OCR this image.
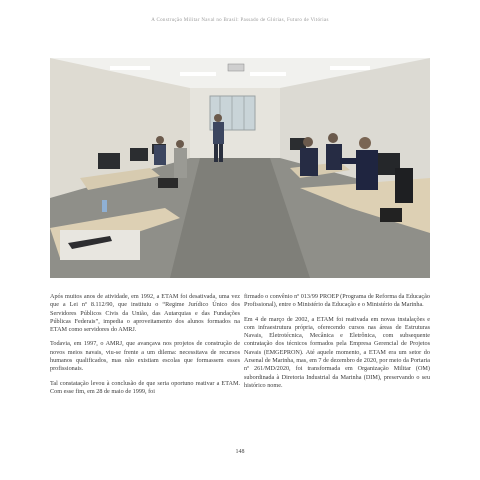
A Construção Militar Naval no Brasil: Passado de Glórias, Futuro de Vitórias

Após muitos anos de atividade, em 1992, a ETAM foi desativada, uma vez que a Lei nº 8.112/90, que instituiu o “Regime Jurídico Único dos Servidores Públicos Civis da União, das Autarquias e das Fundações Públicas Federais”, impedia o aproveitamento dos alunos formados na ETAM como servidores do AMRJ.

Todavia, em 1997, o AMRJ, que avançava nos projetos de construção de novos meios navais, viu-se frente a um dilema: necessitava de recursos humanos qualificados, mas não existiam escolas que formassem esses profissionais.

Tal constatação levou à conclusão de que seria oportuno reativar a ETAM. Com esse fim, em 28 de maio de 1999, foi

firmado o convênio nº 013/99 PROEP (Programa de Reforma da Educação Profissional), entre o Ministério da Educação e o Ministério da Marinha.

Em 4 de março de 2002, a ETAM foi reativada em novas instalações e com infraestrutura própria, oferecendo cursos nas áreas de Estruturas Navais, Eletrotécnica, Mecânica e Eletrônica, com subsequente contratação dos técnicos formados pela Empresa Gerencial de Projetos Navais (EMGEPRON). Até aquele momento, a ETAM era um setor do Arsenal de Marinha, mas, em 7 de dezembro de 2020, por meio da Portaria nº 261/MD/2020, foi transformada em Organização Militar (OM) subordinada à Diretoria Industrial da Marinha (DIM), preservando o seu histórico nome.

148
